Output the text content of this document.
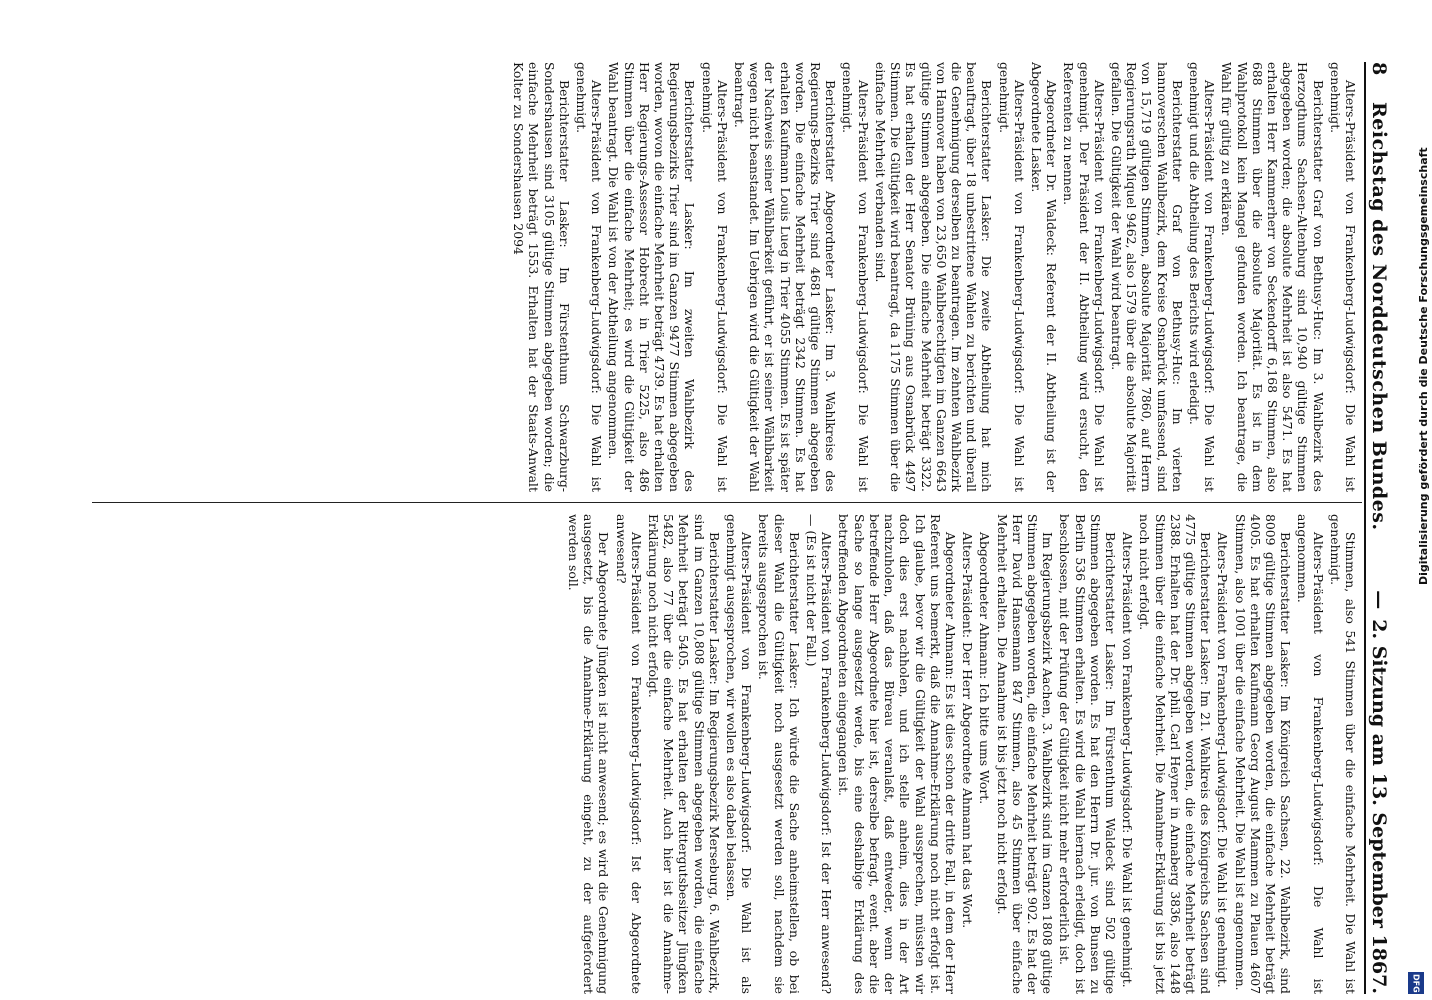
8
Reichstag des Norddeutschen Bundes.
—
2. Sitzung am 13. September 1867.

Alters-Präsident von Frankenberg-Ludwigsdorf: Die Wahl ist genehmigt.

Berichterstatter Graf von Bethusy-Huc: Im 3. Wahlbezirk des Herzogthums Sachsen-Altenburg sind 10,940 gültige Stimmen abgegeben worden; die absolute Mehrheit ist also 5471. Es hat erhalten Herr Kammerherr von Seckendorff 6,168 Stimmen, also 688 Stimmen über die absolute Majorität. Es ist in dem Wahlprotokoll kein Mangel gefunden worden. Ich beantrage, die Wahl für gültig zu erklären.

Alters-Präsident von Frankenberg-Ludwigsdorf: Die Wahl ist genehmigt und die Abtheilung des Berichts wird erledigt.

Berichterstatter Graf von Bethusy-Huc: Im vierten hannoverschen Wahlbezirk, dem Kreise Osnabrück umfassend, sind von 15,719 gültigen Stimmen, absolute Majorität 7860, auf Herrn Regierungsrath Miquel 9462, also 1579 über die absolute Majorität gefallen. Die Gültigkeit der Wahl wird beantragt.

Alters-Präsident von Frankenberg-Ludwigsdorf: Die Wahl ist genehmigt. Der Präsident der II. Abtheilung wird ersucht, den Referenten zu nennen.

Abgeordneter Dr. Waldeck: Referent der II. Abtheilung ist der Abgeordnete Lasker.

Alters-Präsident von Frankenberg-Ludwigsdorf: Die Wahl ist genehmigt.

Berichterstatter Lasker: Die zweite Abtheilung hat mich beauftragt, über 18 unbestrittene Wahlen zu berichten und überall die Genehmigung derselben zu beantragen. Im zehnten Wahlbezirk von Hannover haben von 23,650 Wahlberechtigten im Ganzen 6643 gültige Stimmen abgegeben. Die einfache Mehrheit beträgt 3322. Es hat erhalten der Herr Senator Brüning aus Osnabrück 4497 Stimmen. Die Gültigkeit wird beantragt, da 1175 Stimmen über die einfache Mehrheit verbanden sind.

Alters-Präsident von Frankenberg-Ludwigsdorf: Die Wahl ist genehmigt.

Berichterstatter Abgeordneter Lasker: Im 3. Wahlkreise des Regierungs-Bezirks Trier sind 4681 gültige Stimmen abgegeben worden. Die einfache Mehrheit beträgt 2342 Stimmen. Es hat erhalten Kaufmann Louis Lueg in Trier 4055 Stimmen. Es ist später der Nachweis seiner Wählbarkeit geführt, er ist seiner Wählbarkeit wegen nicht beanstandet. Im Uebrigen wird die Gültigkeit der Wahl beantragt.

Alters-Präsident von Frankenberg-Ludwigsdorf: Die Wahl ist genehmigt.

Berichterstatter Lasker: Im zweiten Wahlbezirk des Regierungsbezirks Trier sind im Ganzen 9477 Stimmen abgegeben worden, wovon die einfache Mehrheit beträgt 4739. Es hat erhalten Herr Regierungs-Assessor Hobrecht in Trier 5225, also 486 Stimmen über die einfache Mehrheit; es wird die Gültigkeit der Wahl beantragt. Die Wahl ist von der Abtheilung angenommen.

Alters-Präsident von Frankenberg-Ludwigsdorf: Die Wahl ist genehmigt.

Berichterstatter Lasker: Im Fürstenthum Schwarzburg-Sondershausen sind 3105 gültige Stimmen abgegeben worden; die einfache Mehrheit beträgt 1553. Erhalten hat der Staats-Anwalt Kolter zu Sondershausen 2094

Stimmen, also 541 Stimmen über die einfache Mehrheit. Die Wahl ist genehmigt.

Alters-Präsident von Frankenberg-Ludwigsdorf: Die Wahl ist angenommen.

Berichterstatter Lasker: Im Königreich Sachsen, 22. Wahlbezirk, sind 8009 gültige Stimmen abgegeben worden, die einfache Mehrheit beträgt 4005. Es hat erhalten Kaufmann Georg August Mammen zu Plauen 4607 Stimmen, also 1001 über die einfache Mehrheit. Die Wahl ist angenommen.

Alters-Präsident von Frankenberg-Ludwigsdorf: Die Wahl ist genehmigt.

Berichterstatter Lasker: Im 21. Wahlkreis des Königreichs Sachsen sind 4775 gültige Stimmen abgegeben worden, die einfache Mehrheit beträgt 2388. Erhalten hat der Dr. phil. Carl Heyner in Annaberg 3836, also 1448 Stimmen über die einfache Mehrheit. Die Annahme-Erklärung ist bis jetzt noch nicht erfolgt.

Alters-Präsident von Frankenberg-Ludwigsdorf: Die Wahl ist genehmigt.

Berichterstatter Lasker: Im Fürstenthum Waldeck sind 502 gültige Stimmen abgegeben worden. Es hat den Herrn Dr. jur. von Bunsen zu Berlin 536 Stimmen erhalten. Es wird die Wahl hiernach erledigt, doch ist beschlossen, mit der Prüfung der Gültigkeit nicht mehr erforderlich ist.

Im Regierungsbezirk Aachen, 3. Wahlbezirk sind im Ganzen 1808 gültige Stimmen abgegeben worden, die einfache Mehrheit beträgt 902. Es hat der Herr David Hansemann 847 Stimmen, also 45 Stimmen über einfache Mehrheit erhalten. Die Annahme ist bis jetzt noch nicht erfolgt.

Abgeordneter Ahmann: Ich bitte ums Wort.

Alters-Präsident: Der Herr Abgeordnete Ahmann hat das Wort.

Abgeordneter Ahmann: Es ist dies schon der dritte Fall, in dem der Herr Referent uns bemerkt, daß die Annahme-Erklärung noch nicht erfolgt ist. Ich glaube, bevor wir die Gültigkeit der Wahl aussprechen, müssten wir doch dies erst nachholen, und ich stelle anheim, dies in der Art nachzuholen, daß das Büreau veranlaßt, daß entweder, wenn der betreffende Herr Abgeordnete hier ist, derselbe befragt, event. aber die Sache so lange ausgesetzt werde, bis eine deshalbige Erklärung des betreffenden Abgeordneten eingegangen ist.

Alters-Präsident von Frankenberg-Ludwigsdorf: Ist der Herr anwesend? — (Es ist nicht der Fall.)

Berichterstatter Lasker: Ich würde die Sache anheimstellen, ob bei dieser Wahl die Gültigkeit noch ausgesetzt werden soll, nachdem sie bereits ausgesprochen ist.

Alters-Präsident von Frankenberg-Ludwigsdorf: Die Wahl ist als genehmigt ausgesprochen, wir wollen es also dabei belassen.

Berichterstatter Lasker: Im Regierungsbezirk Merseburg, 6. Wahlbezirk, sind im Ganzen 10,808 gültige Stimmen abgegeben worden, die einfache Mehrheit beträgt 5405. Es hat erhalten der Rittergutsbesitzer Jüngken 5482, also 77 über die einfache Mehrheit. Auch hier ist die Annahme-Erklärung noch nicht erfolgt.

Alters-Präsident von Frankenberg-Ludwigsdorf: Ist der Abgeordnete anwesend?

Der Abgeordnete Jüngken ist nicht anwesend; es wird die Genehmigung ausgesetzt, bis die Annahme-Erklärung eingeht, zu der aufgefordert werden soll.	Digitalisierung gefördert durch die Deutsche Forschungsgemeinschaft
DFG
